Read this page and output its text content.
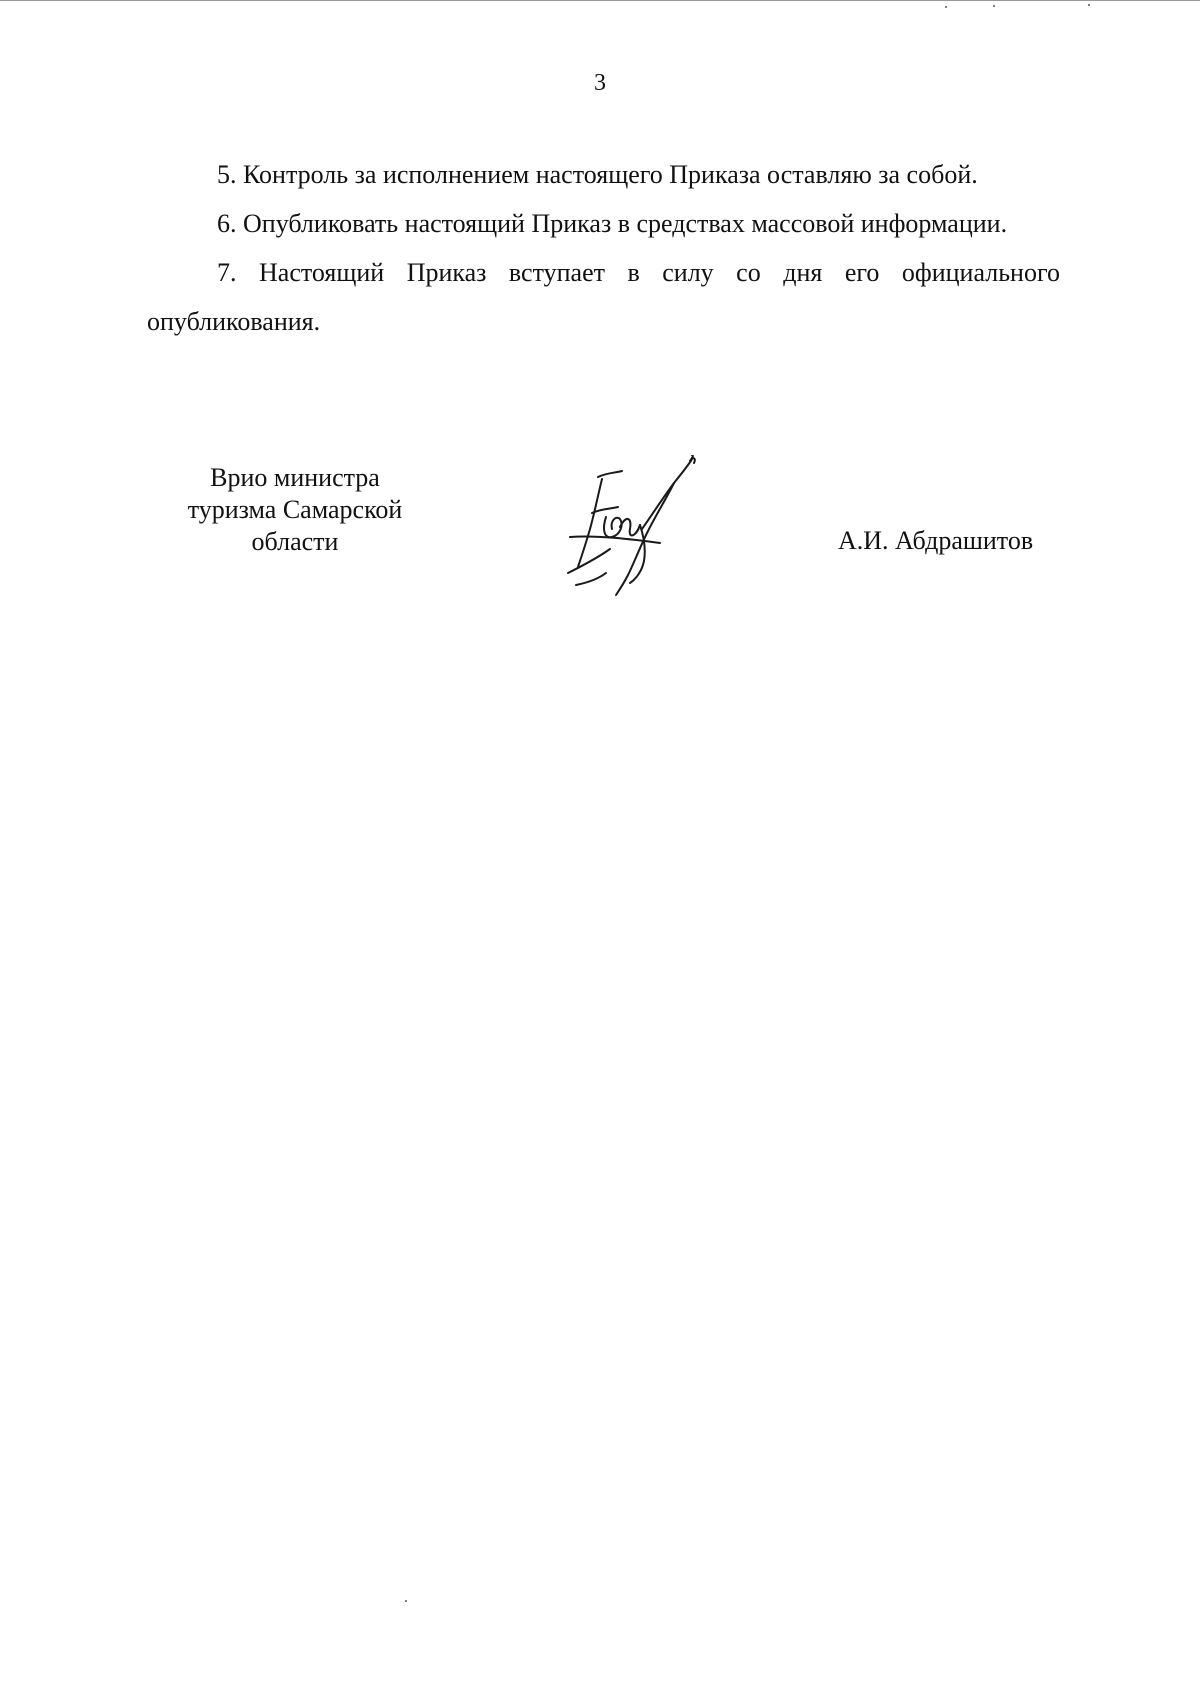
3

5. Контроль за исполнением настоящего Приказа оставляю за собой.

6. Опубликовать настоящий Приказ в средствах массовой информации.

7. Настоящий Приказ вступает в силу со дня его официального

опубликования.

Врио министра
туризма Самарской
области	А.И. Абдрашитов
